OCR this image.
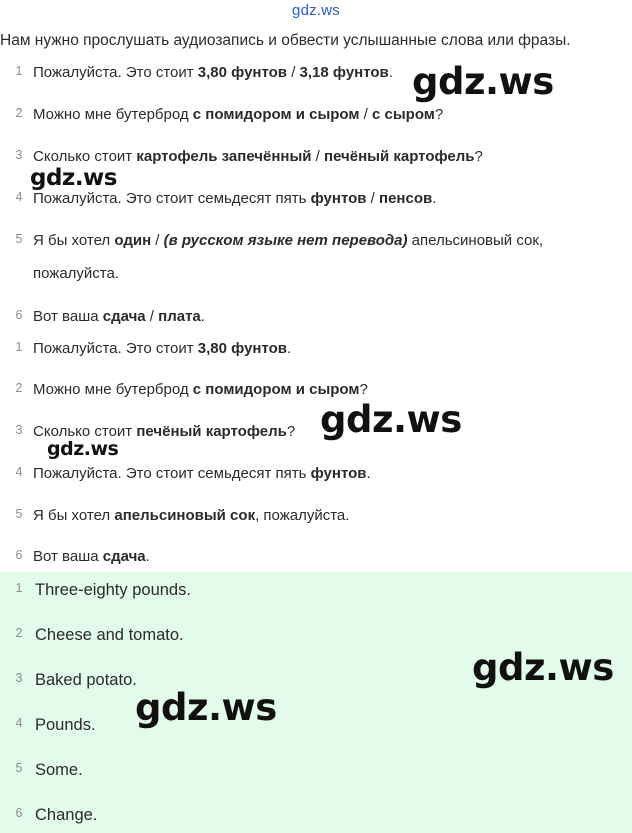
gdz.ws
Нам нужно прослушать аудиозапись и обвести услышанные слова или фразы.
1 Пожалуйста. Это стоит 3,80 фунтов / 3,18 фунтов.
2 Можно мне бутерброд с помидором и сыром / с сыром?
3 Сколько стоит картофель запечённый / печёный картофель?
4 Пожалуйста. Это стоит семьдесят пять фунтов / пенсов.
5 Я бы хотел один / (в русском языке нет перевода) апельсиновый сок,
пожалуйста.
6 Вот ваша сдача / плата.
1 Пожалуйста. Это стоит 3,80 фунтов.
2 Можно мне бутерброд с помидором и сыром?
3 Сколько стоит печёный картофель?
4 Пожалуйста. Это стоит семьдесят пять фунтов.
5 Я бы хотел апельсиновый сок, пожалуйста.
6 Вот ваша сдача.
1 Three-eighty pounds.
2 Cheese and tomato.
3 Baked potato.
4 Pounds.
5 Some.
6 Change.
gdz.ws
gdz.ws
gdz.ws
gdz.ws
gdz.ws
gdz.ws
